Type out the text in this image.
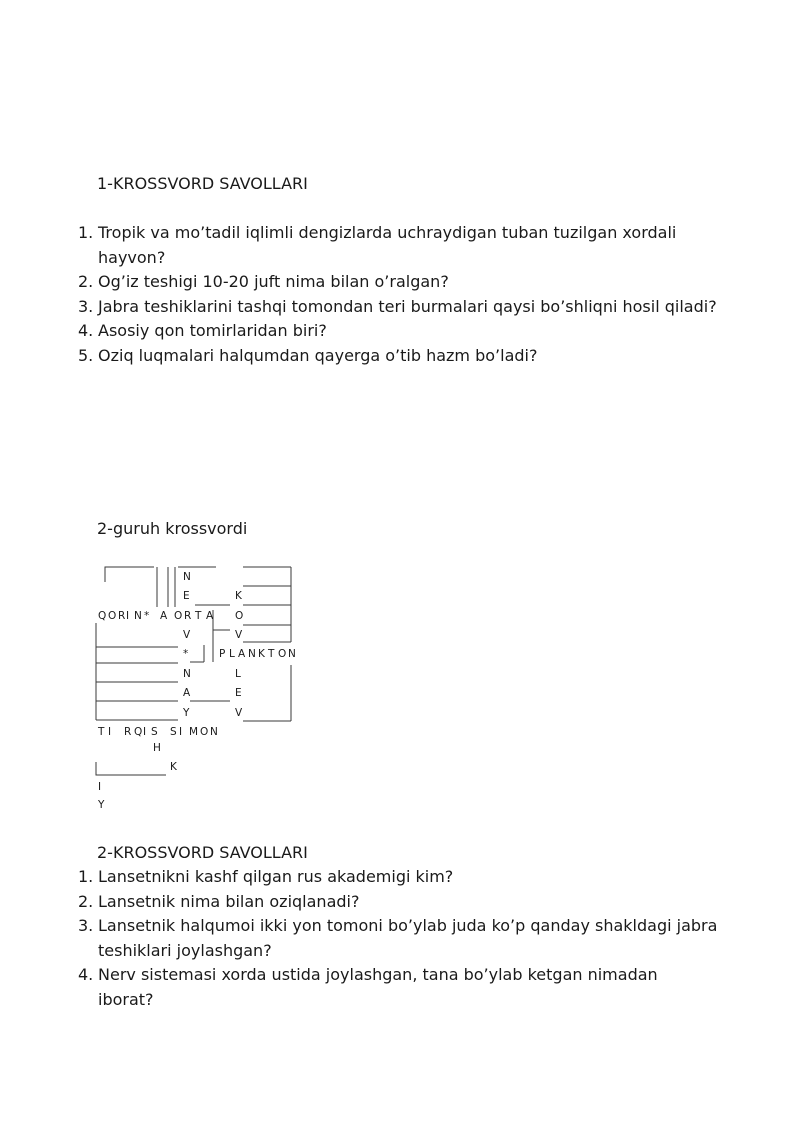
1-KROSSVORD SAVOLLARI
1. Tropik va mo’tadil iqlimli dengizlarda uchraydigan tuban tuzilgan xordali hayvon?
2. Og’iz teshigi 10-20 juft nima bilan o’ralgan?
3. Jabra teshiklarini tashqi tomondan teri burmalari qaysi bo’shliqni hosil qiladi?
4. Asosiy qon tomirlaridan biri?
5. Oziq luqmalari halqumdan qayerga o’tib hazm bo’ladi?
2-guruh krossvordi
N
E	K
Q O R I N * A O R T A O
V	V
*	P L A N K T O N
N	L
A	E
Y	V
T I R Q I S S I M O N
H
K
I
Y
2-KROSSVORD SAVOLLARI
1. Lansetnikni kashf qilgan rus akademigi kim?
2. Lansetnik nima bilan oziqlanadi?
3. Lansetnik halqumoi ikki yon tomoni bo’ylab juda ko’p qanday shakldagi jabra teshiklari joylashgan?
4. Nerv sistemasi xorda ustida joylashgan, tana bo’ylab ketgan nimadan iborat?
